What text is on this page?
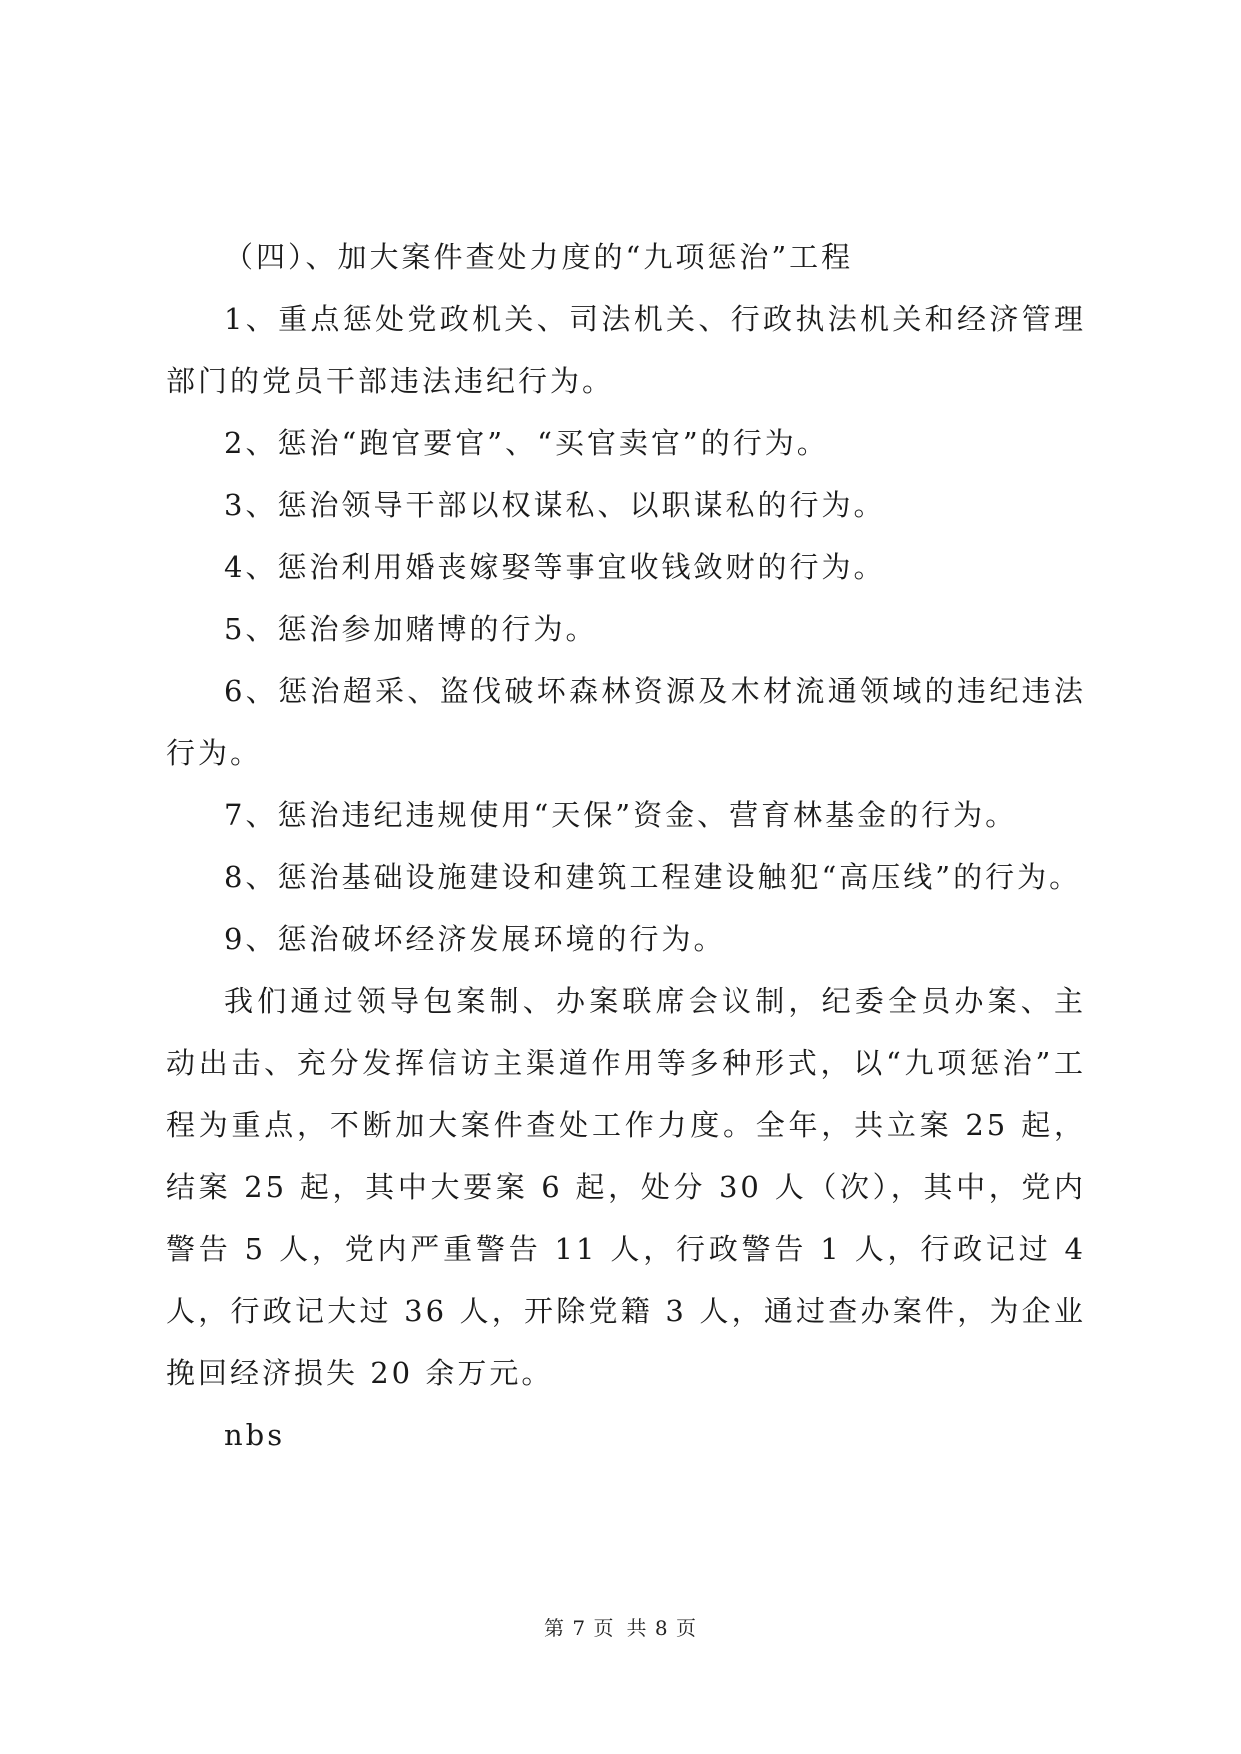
（四）、加大案件查处力度的“九项惩治”工程

1、重点惩处党政机关、司法机关、行政执法机关和经济管理部门的党员干部违法违纪行为。

2、惩治“跑官要官”、“买官卖官”的行为。

3、惩治领导干部以权谋私、以职谋私的行为。

4、惩治利用婚丧嫁娶等事宜收钱敛财的行为。

5、惩治参加赌博的行为。

6、惩治超采、盗伐破坏森林资源及木材流通领域的违纪违法行为。

7、惩治违纪违规使用“天保”资金、营育林基金的行为。

8、惩治基础设施建设和建筑工程建设触犯“高压线”的行为。

9、惩治破坏经济发展环境的行为。

我们通过领导包案制、办案联席会议制，纪委全员办案、主动出击、充分发挥信访主渠道作用等多种形式，以“九项惩治”工程为重点，不断加大案件查处工作力度。全年，共立案 25 起，结案 25 起，其中大要案 6 起，处分 30 人（次），其中，党内警告 5 人，党内严重警告 11 人，行政警告 1 人，行政记过 4 人，行政记大过 36 人，开除党籍 3 人，通过查办案件，为企业挽回经济损失 20 余万元。

nbs

第 7 页 共 8 页
